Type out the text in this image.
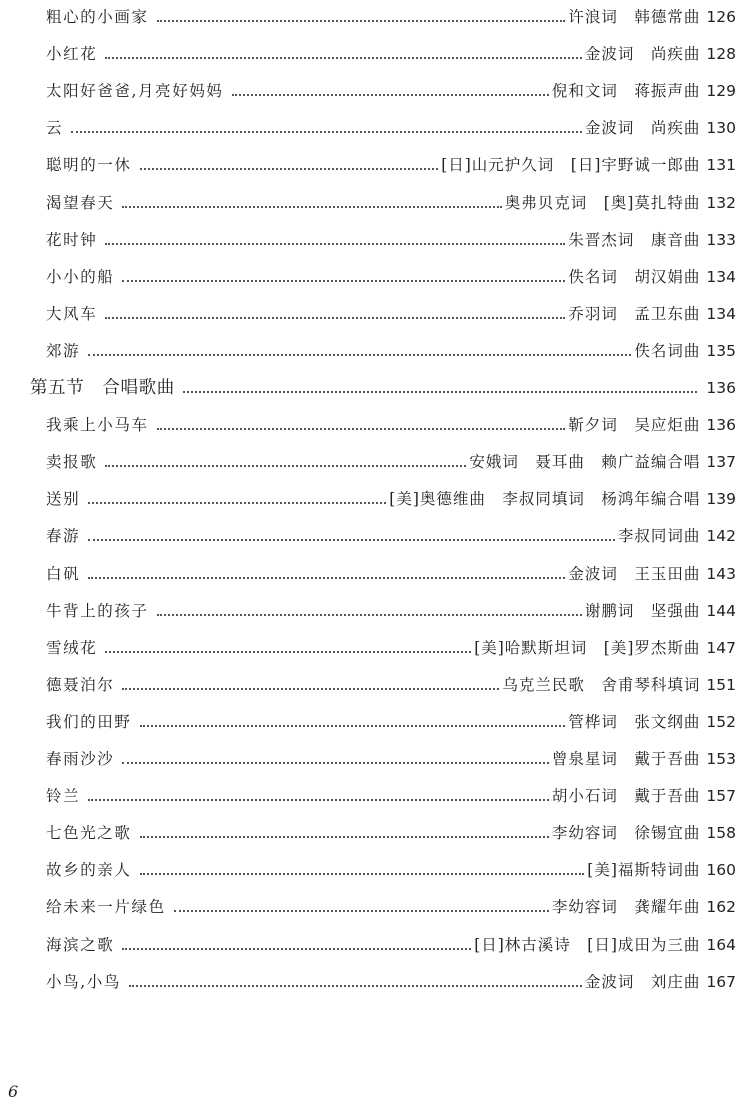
粗心的小画家	许浪词　韩德常曲 126
小红花	金波词　尚疾曲 128
太阳好爸爸,月亮好妈妈	倪和文词　蒋振声曲 129
云	金波词　尚疾曲 130
聪明的一休	[日]山元护久词　[日]宇野诚一郎曲 131
渴望春天	奥弗贝克词　[奥]莫扎特曲 132
花时钟	朱晋杰词　康音曲 133
小小的船	佚名词　胡汉娟曲 134
大风车	乔羽词　孟卫东曲 134
郊游	佚名词曲 135
第五节　合唱歌曲	136
我乘上小马车	靳夕词　吴应炬曲 136
卖报歌	安娥词　聂耳曲　赖广益编合唱 137
送别	[美]奥德维曲　李叔同填词　杨鸿年编合唱 139
春游	李叔同词曲 142
白矾	金波词　王玉田曲 143
牛背上的孩子	谢鹏词　坚强曲 144
雪绒花	[美]哈默斯坦词　[美]罗杰斯曲 147
德聂泊尔	乌克兰民歌　舍甫琴科填词 151
我们的田野	管桦词　张文纲曲 152
春雨沙沙	曾泉星词　戴于吾曲 153
铃兰	胡小石词　戴于吾曲 157
七色光之歌	李幼容词　徐锡宜曲 158
故乡的亲人	[美]福斯特词曲 160
给未来一片绿色	李幼容词　龚耀年曲 162
海滨之歌	[日]林古溪诗　[日]成田为三曲 164
小鸟,小鸟	金波词　刘庄曲 167
6
